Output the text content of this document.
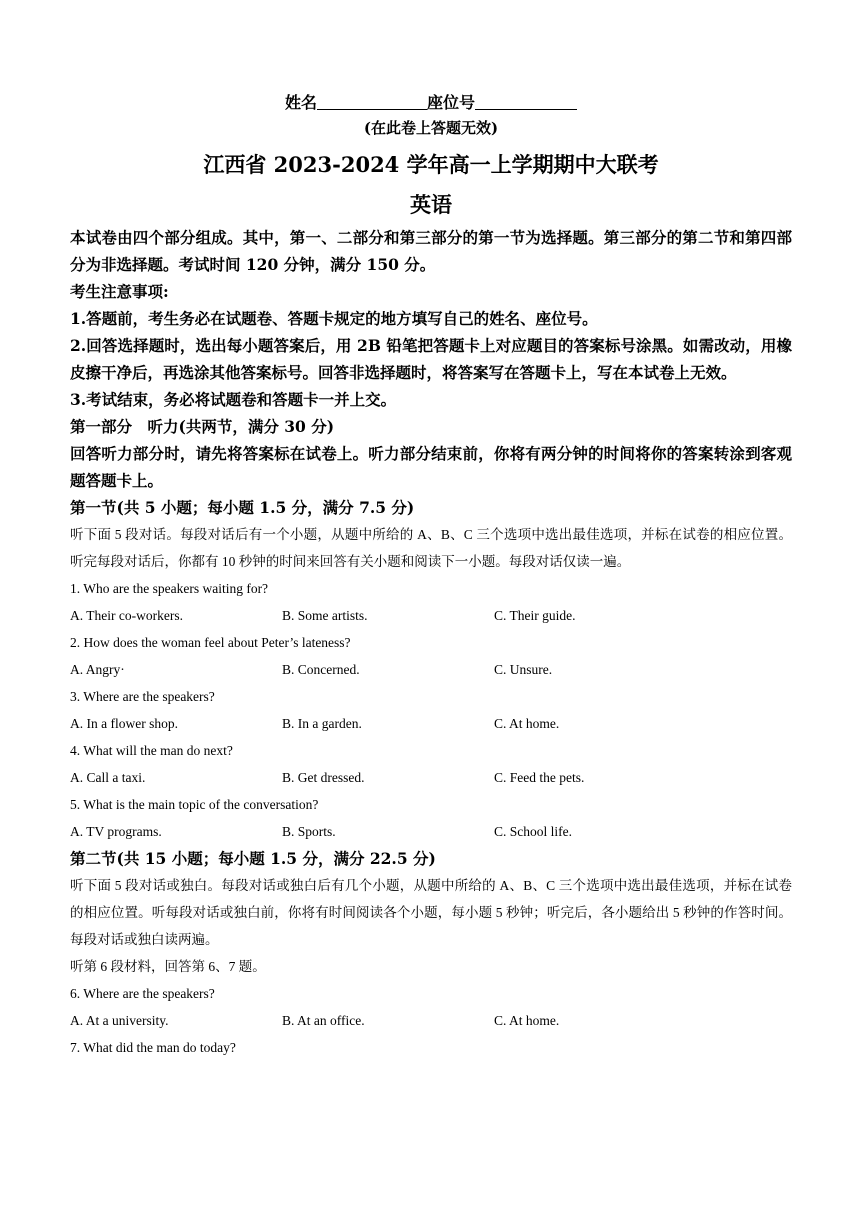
姓名	座位号
(在此卷上答题无效)
江西省 2023-2024 学年高一上学期期中大联考
英语

本试卷由四个部分组成。其中，第一、二部分和第三部分的第一节为选择题。第三部分的第二节和第四部分为非选择题。考试时间 120 分钟，满分 150 分。

考生注意事项:

1.答题前，考生务必在试题卷、答题卡规定的地方填写自己的姓名、座位号。

2.回答选择题时，选出每小题答案后，用 2B 铅笔把答题卡上对应题目的答案标号涂黑。如需改动，用橡皮擦干净后，再选涂其他答案标号。回答非选择题时，将答案写在答题卡上，写在本试卷上无效。

3.考试结束，务必将试题卷和答题卡一并上交。

第一部分　听力(共两节，满分 30 分)

回答听力部分时，请先将答案标在试卷上。听力部分结束前，你将有两分钟的时间将你的答案转涂到客观题答题卡上。

第一节(共 5 小题；每小题 1.5 分，满分 7.5 分)

听下面 5 段对话。每段对话后有一个小题，从题中所给的 A、B、C 三个选项中选出最佳选项，并标在试卷的相应位置。听完每段对话后，你都有 10 秒钟的时间来回答有关小题和阅读下一小题。每段对话仅读一遍。

1. Who are the speakers waiting for?

A. Their co-workers.	B. Some artists.	C. Their guide.

2. How does the woman feel about Peter’s lateness?

A. Angry·	B. Concerned.	C. Unsure.

3. Where are the speakers?

A. In a flower shop.	B. In a garden.	C. At home.

4. What will the man do next?

A. Call a taxi.	B. Get dressed.	C. Feed the pets.

5. What is the main topic of the conversation?

A. TV programs.	B. Sports.	C. School life.

第二节(共 15 小题；每小题 1.5 分，满分 22.5 分)

听下面 5 段对话或独白。每段对话或独白后有几个小题，从题中所给的 A、B、C 三个选项中选出最佳选项，并标在试卷的相应位置。听每段对话或独白前，你将有时间阅读各个小题，每小题 5 秒钟；听完后，各小题给出 5 秒钟的作答时间。每段对话或独白读两遍。

听第 6 段材料，回答第 6、7 题。

6. Where are the speakers?

A. At a university.	B. At an office.	C. At home.

7. What did the man do today?
